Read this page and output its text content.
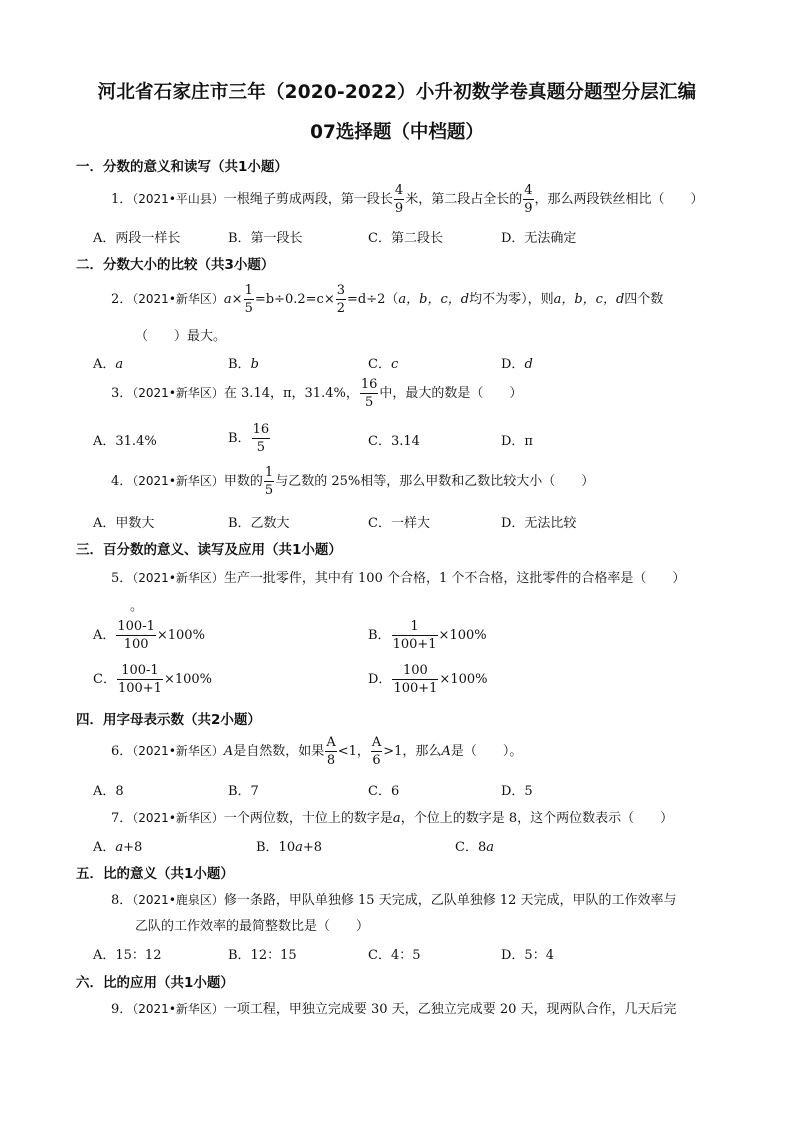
河北省石家庄市三年（2020-2022）小升初数学卷真题分题型分层汇编
07选择题（中档题）
一．分数的意义和读写（共1小题）
1．（2021•平山县）一根绳子剪成两段，第一段长 $\frac{4}{9}$ 米，第二段占全长的 $\frac{4}{9}$ ，那么两段铁丝相比（　　）
A．两段一样长	B．第一段长	C．第二段长	D．无法确定
二．分数大小的比较（共3小题）
2．（2021•新华区）$a\times \frac{1}{5} =b\div 0.2=c\times \frac{3}{2} =d\div 2(a$，b，c，d均不为零），则a，b，c，d四个数
（　　）最大。
A．a	B．b	C．c	D．d
3．（2021•新华区）在 3.14，π，31.4%， $\frac{16}{5}$ 中，最大的数是（　　）
A．31.4%	B． $\frac{16}{5}$	C．3.14	D．π
4．（2021•新华区）甲数的 $\frac{1}{5}$ 与乙数的 25%相等，那么甲数和乙数比较大小（　　）
A．甲数大	B．乙数大	C．一样大	D．无法比较
三．百分数的意义、读写及应用（共1小题）
5．（2021•新华区）生产一批零件，其中有 100 个合格，1 个不合格，这批零件的合格率是（　　）
。
A． $\frac{100-1}{100} \times 100\%$	B． $\frac{1}{100+1} \times 100\%$
C． $\frac{100-1}{100+1} \times 100\%$	D． $\frac{100}{100+1} \times 100\%$
四．用字母表示数（共2小题）
6．（2021•新华区）A是自然数，如果 $\frac{A}{8} <1$， $\frac{A}{6} >1$，那么A是（　　）。
A．8	B．7	C．6	D．5
7．（2021•新华区）一个两位数，十位上的数字是a，个位上的数字是 8，这个两位数表示（　　）
A．a+8	B．10a+8	C．8a
五．比的意义（共1小题）
8．（2021•鹿泉区）修一条路，甲队单独修 15 天完成，乙队单独修 12 天完成，甲队的工作效率与
乙队的工作效率的最简整数比是（　　）
A．15：12	B．12：15	C．4：5	D．5：4
六．比的应用（共1小题）
9．（2021•新华区）一项工程，甲独立完成要 30 天，乙独立完成要 20 天，现两队合作，几天后完
